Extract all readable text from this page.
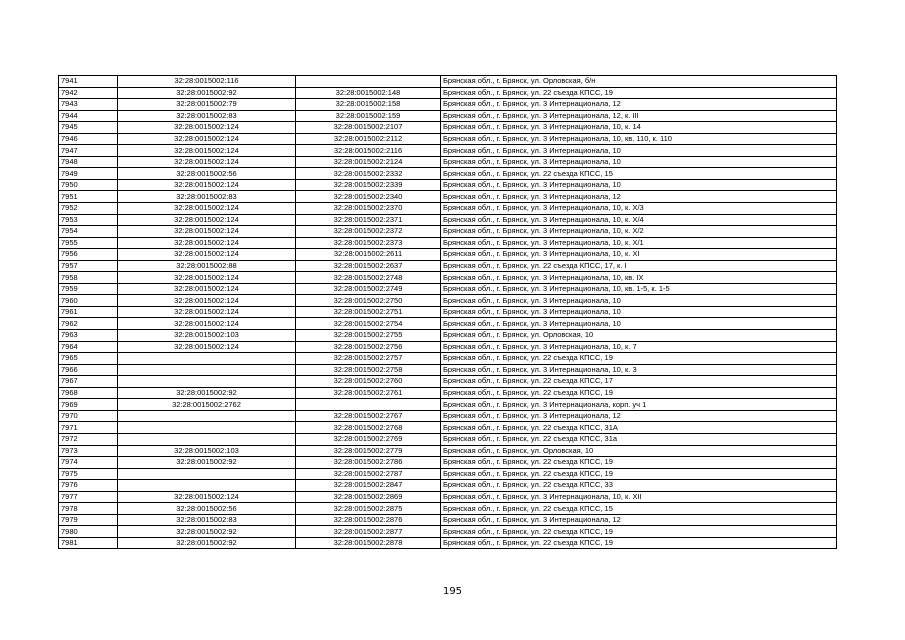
7941	32:28:0015002:116		Брянская обл., г. Брянск, ул. Орловская, б/н
7942	32:28:0015002:92	32:28:0015002:148	Брянская обл., г. Брянск, ул. 22 съезда КПСС, 19
7943	32:28:0015002:79	32:28:0015002:158	Брянская обл., г. Брянск, ул. 3 Интернационала, 12
7944	32:28:0015002:83	32:28:0015002:159	Брянская обл., г. Брянск, ул. 3 Интернационала, 12, к. III
7945	32:28:0015002:124	32:28:0015002:2107	Брянская обл., г. Брянск, ул. 3 Интернационала, 10, к. 14
7946	32:28:0015002:124	32:28:0015002:2112	Брянская обл., г. Брянск, ул. 3 Интернационала, 10, кв. 110, к. 110
7947	32:28:0015002:124	32:28:0015002:2116	Брянская обл., г. Брянск, ул. 3 Интернационала, 10
7948	32:28:0015002:124	32:28:0015002:2124	Брянская обл., г. Брянск, ул. 3 Интернационала, 10
7949	32:28:0015002:56	32:28:0015002:2332	Брянская обл., г. Брянск, ул. 22 съезда КПСС, 15
7950	32:28:0015002:124	32:28:0015002:2339	Брянская обл., г. Брянск, ул. 3 Интернационала, 10
7951	32:28:0015002:83	32:28:0015002:2340	Брянская обл., г. Брянск, ул. 3 Интернационала, 12
7952	32:28:0015002:124	32:28:0015002:2370	Брянская обл., г. Брянск, ул. 3 Интернационала, 10, к. X/3
7953	32:28:0015002:124	32:28:0015002:2371	Брянская обл., г. Брянск, ул. 3 Интернационала, 10, к. X/4
7954	32:28:0015002:124	32:28:0015002:2372	Брянская обл., г. Брянск, ул. 3 Интернационала, 10, к. X/2
7955	32:28:0015002:124	32:28:0015002:2373	Брянская обл., г. Брянск, ул. 3 Интернационала, 10, к. X/1
7956	32:28:0015002:124	32:28:0015002:2611	Брянская обл., г. Брянск, ул. 3 Интернационала, 10, к. XI
7957	32:28:0015002:88	32:28:0015002:2637	Брянская обл., г. Брянск, ул. 22 съезда КПСС, 17, к. I
7958	32:28:0015002:124	32:28:0015002:2748	Брянская обл., г. Брянск, ул. 3 Интернационала, 10, кв. IX
7959	32:28:0015002:124	32:28:0015002:2749	Брянская обл., г. Брянск, ул. 3 Интернационала, 10, кв. 1-5, к. 1-5
7960	32:28:0015002:124	32:28:0015002:2750	Брянская обл., г. Брянск, ул. 3 Интернационала, 10
7961	32:28:0015002:124	32:28:0015002:2751	Брянская обл., г. Брянск, ул. 3 Интернационала, 10
7962	32:28:0015002:124	32:28:0015002:2754	Брянская обл., г. Брянск, ул. 3 Интернационала, 10
7963	32:28:0015002:103	32:28:0015002:2755	Брянская обл., г. Брянск, ул. Орловская, 10
7964	32:28:0015002:124	32:28:0015002:2756	Брянская обл., г. Брянск, ул. 3 Интернационала, 10, к. 7
7965		32:28:0015002:2757	Брянская обл., г. Брянск, ул. 22 съезда КПСС, 19
7966		32:28:0015002:2758	Брянская обл., г. Брянск, ул. 3 Интернационала, 10, к. 3
7967		32:28:0015002:2760	Брянская обл., г. Брянск, ул. 22 съезда КПСС, 17
7968	32:28:0015002:92	32:28:0015002:2761	Брянская обл., г. Брянск, ул. 22 съезда КПСС, 19
7969	32:28:0015002:2762		Брянская обл., г. Брянск, ул. 3 Интернационала, корп. уч 1
7970		32:28:0015002:2767	Брянская обл., г. Брянск, ул. 3 Интернационала, 12
7971		32:28:0015002:2768	Брянская обл., г. Брянск, ул. 22 съезда КПСС, 31А
7972		32:28:0015002:2769	Брянская обл., г. Брянск, ул. 22 съезда КПСС, 31а
7973	32:28:0015002:103	32:28:0015002:2779	Брянская обл., г. Брянск, ул. Орловская, 10
7974	32:28:0015002:92	32:28:0015002:2786	Брянская обл., г. Брянск, ул. 22 съезда КПСС, 19
7975		32:28:0015002:2787	Брянская обл., г. Брянск, ул. 22 съезда КПСС, 19
7976		32:28:0015002:2847	Брянская обл., г. Брянск, ул. 22 съезда КПСС, 33
7977	32:28:0015002:124	32:28:0015002:2869	Брянская обл., г. Брянск, ул. 3 Интернационала, 10, к. XII
7978	32:28:0015002:56	32:28:0015002:2875	Брянская обл., г. Брянск, ул. 22 съезда КПСС, 15
7979	32:28:0015002:83	32:28:0015002:2876	Брянская обл., г. Брянск, ул. 3 Интернационала, 12
7980	32:28:0015002:92	32:28:0015002:2877	Брянская обл., г. Брянск, ул. 22 съезда КПСС, 19
7981	32:28:0015002:92	32:28:0015002:2878	Брянская обл., г. Брянск, ул. 22 съезда КПСС, 19
195
